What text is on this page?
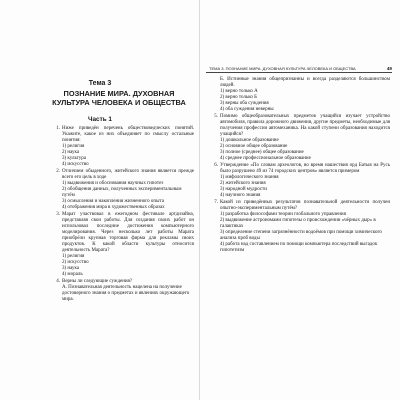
Тема 3
ПОЗНАНИЕ МИРА. ДУХОВНАЯ КУЛЬТУРА ЧЕЛОВЕКА И ОБЩЕСТВА
Часть 1
1. Ниже приведён перечень обществоведческих понятий. Укажите, какое из них объединяет по смыслу остальные понятия:
1) религия
2) наука
3) культура
4) искусство
2. Отличием обыденного, житейского знания является прежде всего его цель в ходе
1) выдвижения и обоснования научных гипотез
2) обобщения данных, полученных экспериментальным путём
3) осмысления и накопления жизненного опыта
4) отображения мира в художественных образах
3. Марат участвовал в ежегодном фестивале артдизайна, представляя свои работы. Для создания своих работ он использовал последние достижения компьютерного моделирования. Через несколько лет работы Марата приобрёли крупная торговая фирма для рекламы своих продуктов. К какой области культуры относится деятельность Марата?
1) религия
2) искусство
3) наука
4) мораль
4. Верны ли следующие суждения?
А. Познавательная деятельность нацелена на получение достоверного знания о предметах и явлениях окружающего мира.
ТЕМА 3. ПОЗНАНИЕ МИРА. ДУХОВНАЯ КУЛЬТУРА ЧЕЛОВЕКА И ОБЩЕСТВА	49
Б. Истинные знания общепризнанны и всегда разделяются большинством людей.
1) верно только А
2) верно только Б
3) верны оба суждения
4) оба суждения неверны
5. Помимо общеобразовательных предметов учащийся изучает устройство автомобиля, правила дорожного движения, другие предметы, необходимые для получения профессии автомеханика. На какой ступени образования находится учащийся?
1) дошкольное образование
2) основное общее образование
3) полное (среднее) общее образование
4) среднее профессиональное образование
6. Утверждение «По словам археологов, во время нашествия орд Батыя на Русь было разрушено 49 из 74 городских центров» является примером
1) мифологического знания
2) житейского знания
3) народной мудрости
4) научного знания
7. Какой из приведённых результатов познавательной деятельности получен опытно-экспериментальным путём?
1) разработка философами теории глобального управления
2) выдвижение астрономами гипотезы о происхождении «чёрных дыр» в галактиках
3) определение степени загрязнённости водоёмов при помощи химического анализа проб воды
4) работа над составлением по помощи компьютера последствий выгадок гипотетизм
